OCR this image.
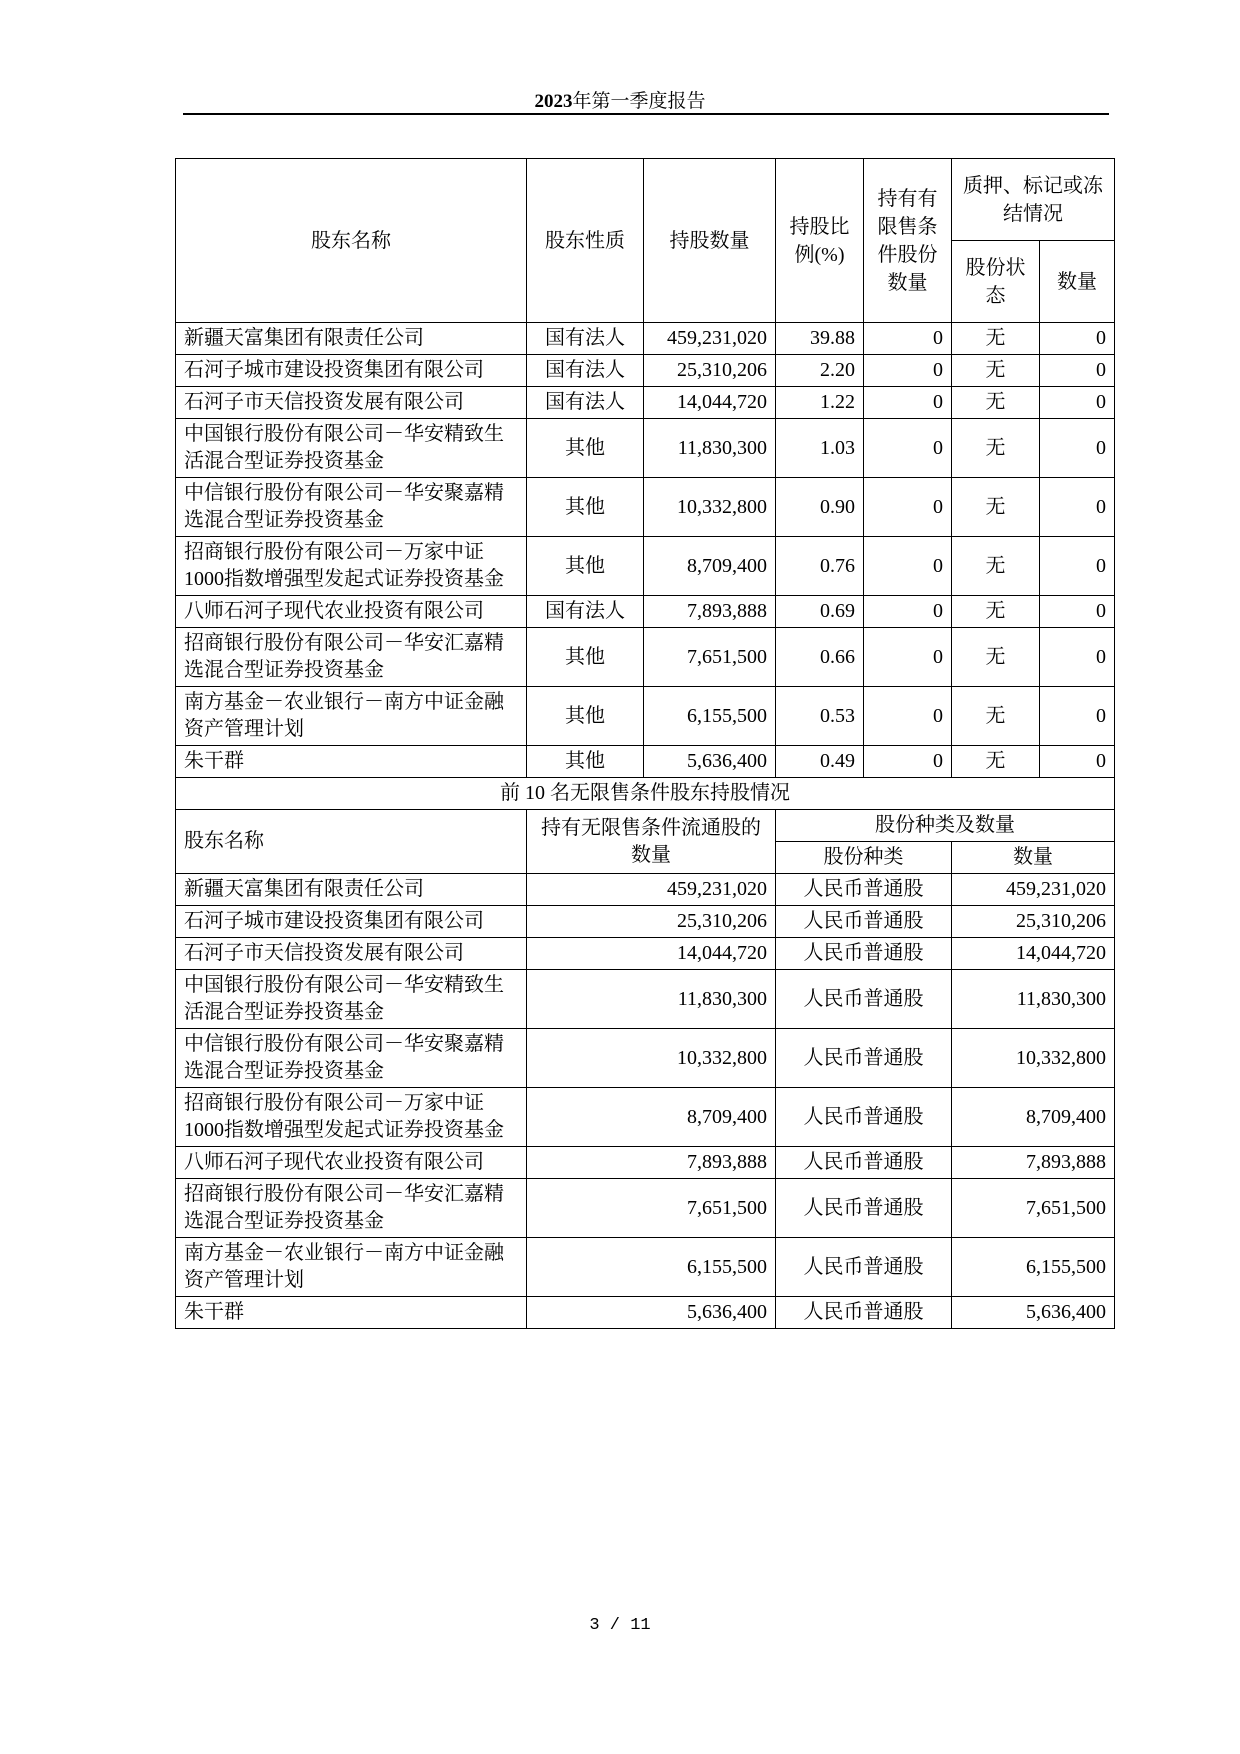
2023年第一季度报告
股东名称	股东性质	持股数量	持股比例(%)	持有有限售条件股份数量	质押、标记或冻结情况	
					股份状态	数量
新疆天富集团有限责任公司	国有法人	459,231,020	39.88	0	无	0
石河子城市建设投资集团有限公司	国有法人	25,310,206	2.20	0	无	0
石河子市天信投资发展有限公司	国有法人	14,044,720	1.22	0	无	0
中国银行股份有限公司－华安精致生活混合型证券投资基金	其他	11,830,300	1.03	0	无	0
中信银行股份有限公司－华安聚嘉精选混合型证券投资基金	其他	10,332,800	0.90	0	无	0
招商银行股份有限公司－万家中证1000指数增强型发起式证券投资基金	其他	8,709,400	0.76	0	无	0
八师石河子现代农业投资有限公司	国有法人	7,893,888	0.69	0	无	0
招商银行股份有限公司－华安汇嘉精选混合型证券投资基金	其他	7,651,500	0.66	0	无	0
南方基金－农业银行－南方中证金融资产管理计划	其他	6,155,500	0.53	0	无	0
朱干群	其他	5,636,400	0.49	0	无	0
前 10 名无限售条件股东持股情况						
股东名称	持有无限售条件流通股的数量		股份种类及数量			
			股份种类		数量	
新疆天富集团有限责任公司	459,231,020		人民币普通股		459,231,020	
石河子城市建设投资集团有限公司	25,310,206		人民币普通股		25,310,206	
石河子市天信投资发展有限公司	14,044,720		人民币普通股		14,044,720	
中国银行股份有限公司－华安精致生活混合型证券投资基金	11,830,300		人民币普通股		11,830,300	
中信银行股份有限公司－华安聚嘉精选混合型证券投资基金	10,332,800		人民币普通股		10,332,800	
招商银行股份有限公司－万家中证1000指数增强型发起式证券投资基金	8,709,400		人民币普通股		8,709,400	
八师石河子现代农业投资有限公司	7,893,888		人民币普通股		7,893,888	
招商银行股份有限公司－华安汇嘉精选混合型证券投资基金	7,651,500		人民币普通股		7,651,500	
南方基金－农业银行－南方中证金融资产管理计划	6,155,500		人民币普通股		6,155,500	
朱干群	5,636,400		人民币普通股		5,636,400	
3 / 11
